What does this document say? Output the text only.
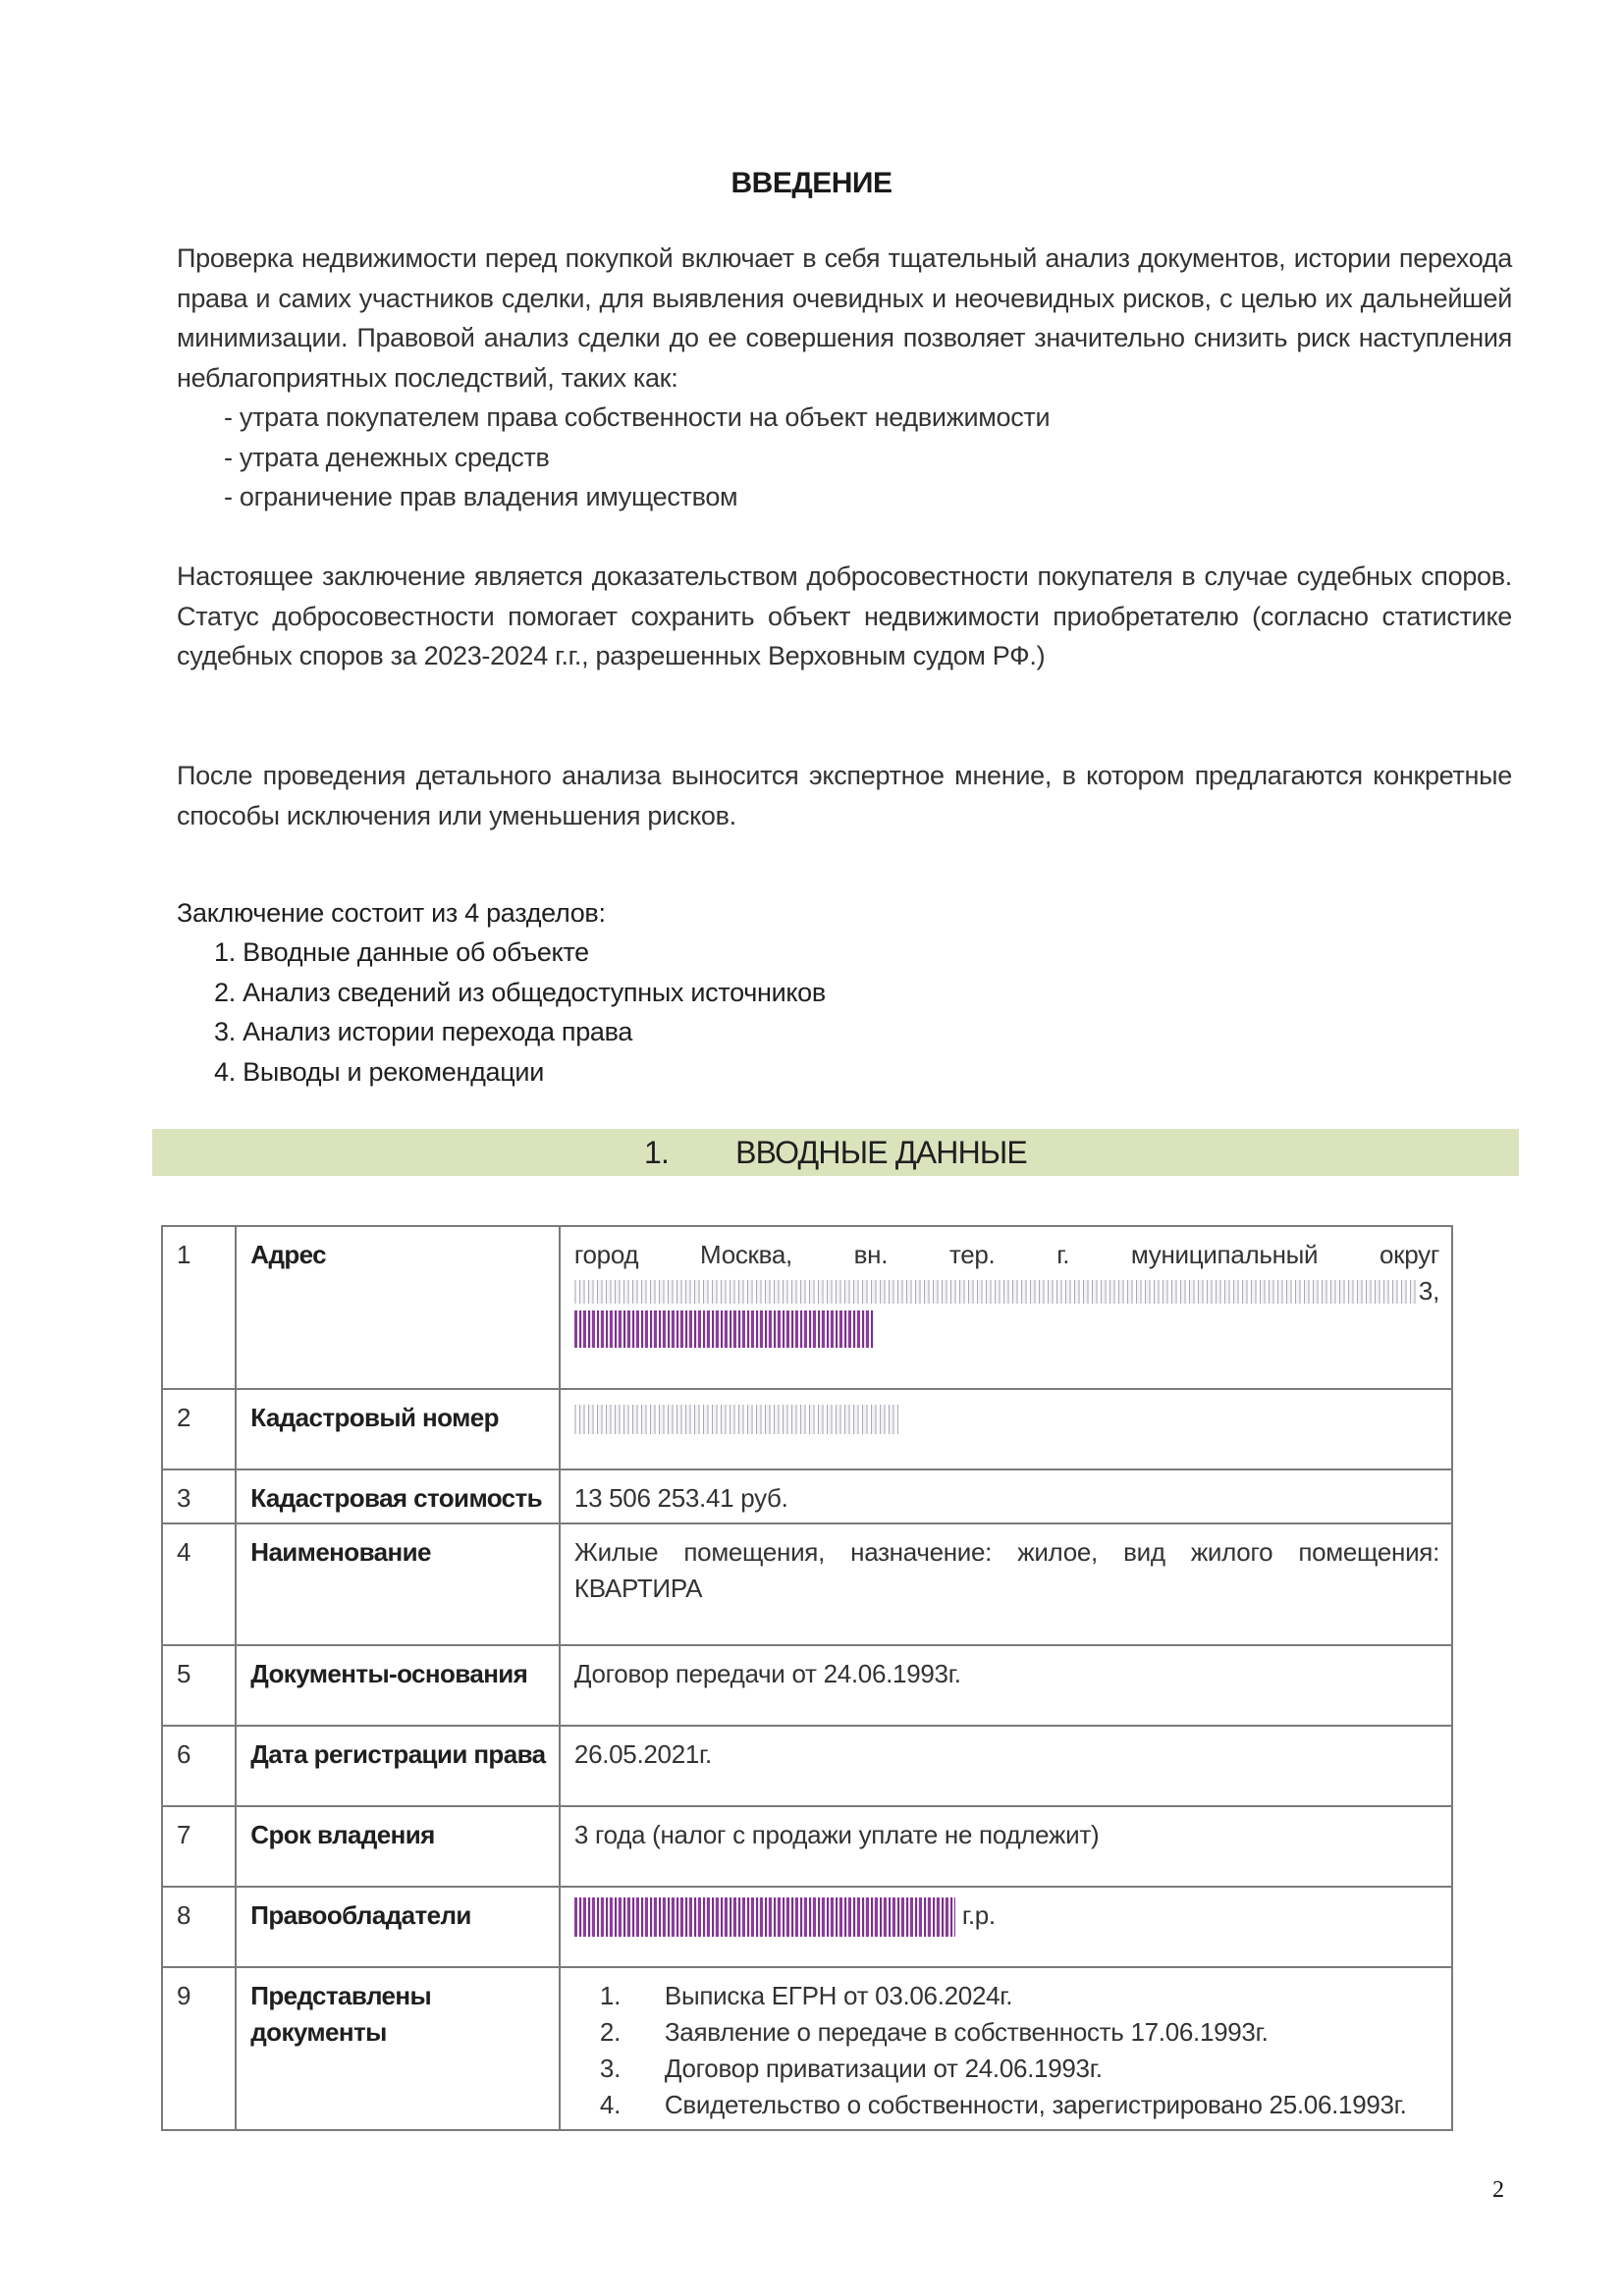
ВВЕДЕНИЕ

Проверка недвижимости перед покупкой включает в себя тщательный анализ документов, истории перехода права и самих участников сделки, для выявления очевидных и неочевидных рисков, с целью их дальнейшей минимизации. Правовой анализ сделки до ее совершения позволяет значительно снизить риск наступления неблагоприятных последствий, таких как:

- утрата покупателем права собственности на объект недвижимости
- утрата денежных средств
- ограничение прав владения имуществом

Настоящее заключение является доказательством добросовестности покупателя в случае судебных споров. Статус добросовестности помогает сохранить объект недвижимости приобретателю (согласно статистике судебных споров за 2023-2024 г.г., разрешенных Верховным судом РФ.)

После проведения детального анализа выносится экспертное мнение, в котором предлагаются конкретные способы исключения или уменьшения рисков.

Заключение состоит из 4 разделов:
1. Вводные данные об объекте
2. Анализ сведений из общедоступных источников
3. Анализ истории перехода права
4. Выводы и рекомендации
1. ВВОДНЫЕ ДАННЫЕ
1	Адрес	город Москва, вн. тер. г. муниципальный округ
3,

2	Кадастровый номер	
3	Кадастровая стоимость	13 506 253.41 руб.
4	Наименование	Жилые помещения, назначение: жилое, вид жилого помещения: КВАРТИРА
5	Документы-основания	Договор передачи от 24.06.1993г.
6	Дата регистрации права	26.05.2021г.
7	Срок владения	3 года (налог с продажи уплате не подлежит)
8	Правообладатели	г.р.
9	Представлены документы	
1.	Выписка ЕГРН от 03.06.2024г.
2.	Заявление о передаче в собственность 17.06.1993г.
3.	Договор приватизации от 24.06.1993г.
4.	Свидетельство о собственности, зарегистрировано 25.06.1993г.
2
